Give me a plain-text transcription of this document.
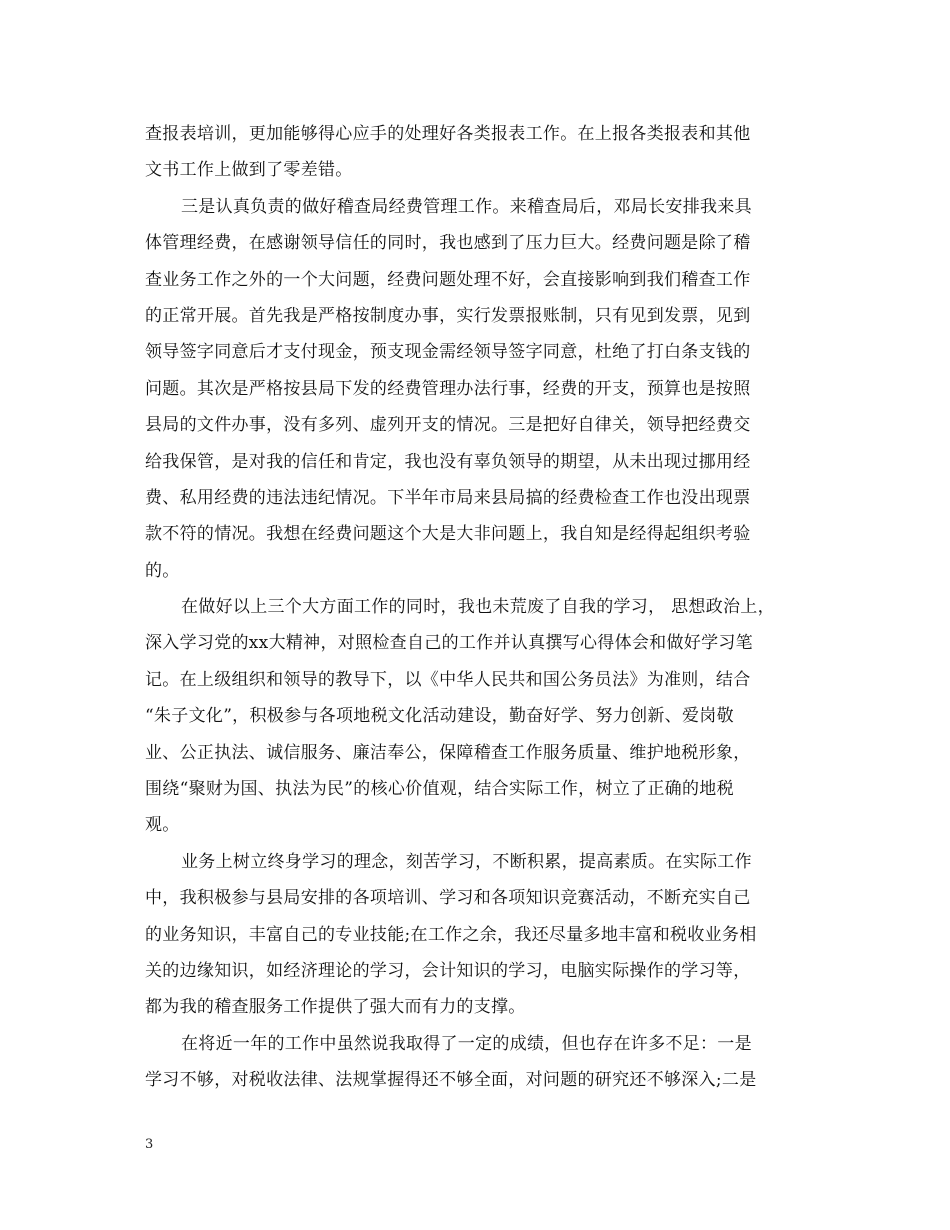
查报表培训，更加能够得心应手的处理好各类报表工作。在上报各类报表和其他
文书工作上做到了零差错。
三是认真负责的做好稽查局经费管理工作。来稽查局后，邓局长安排我来具
体管理经费，在感谢领导信任的同时，我也感到了压力巨大。经费问题是除了稽
查业务工作之外的一个大问题，经费问题处理不好，会直接影响到我们稽查工作
的正常开展。首先我是严格按制度办事，实行发票报账制，只有见到发票，见到
领导签字同意后才支付现金，预支现金需经领导签字同意，杜绝了打白条支钱的
问题。其次是严格按县局下发的经费管理办法行事，经费的开支，预算也是按照
县局的文件办事，没有多列、虚列开支的情况。三是把好自律关，领导把经费交
给我保管，是对我的信任和肯定，我也没有辜负领导的期望，从未出现过挪用经
费、私用经费的违法违纪情况。下半年市局来县局搞的经费检查工作也没出现票
款不符的情况。我想在经费问题这个大是大非问题上，我自知是经得起组织考验
的。
在做好以上三个大方面工作的同时，我也未荒废了自我的学习， 思想政治上，
深入学习党的xx大精神，对照检查自己的工作并认真撰写心得体会和做好学习笔
记。在上级组织和领导的教导下，以《中华人民共和国公务员法》为准则，结合
“朱子文化”，积极参与各项地税文化活动建设，勤奋好学、努力创新、爱岗敬
业、公正执法、诚信服务、廉洁奉公，保障稽查工作服务质量、维护地税形象，
围绕“聚财为国、执法为民”的核心价值观，结合实际工作，树立了正确的地税
观。
业务上树立终身学习的理念，刻苦学习，不断积累，提高素质。在实际工作
中，我积极参与县局安排的各项培训、学习和各项知识竞赛活动，不断充实自己
的业务知识，丰富自己的专业技能;在工作之余，我还尽量多地丰富和税收业务相
关的边缘知识，如经济理论的学习，会计知识的学习，电脑实际操作的学习等，
都为我的稽查服务工作提供了强大而有力的支撑。
在将近一年的工作中虽然说我取得了一定的成绩，但也存在许多不足：一是
学习不够，对税收法律、法规掌握得还不够全面，对问题的研究还不够深入;二是
3
